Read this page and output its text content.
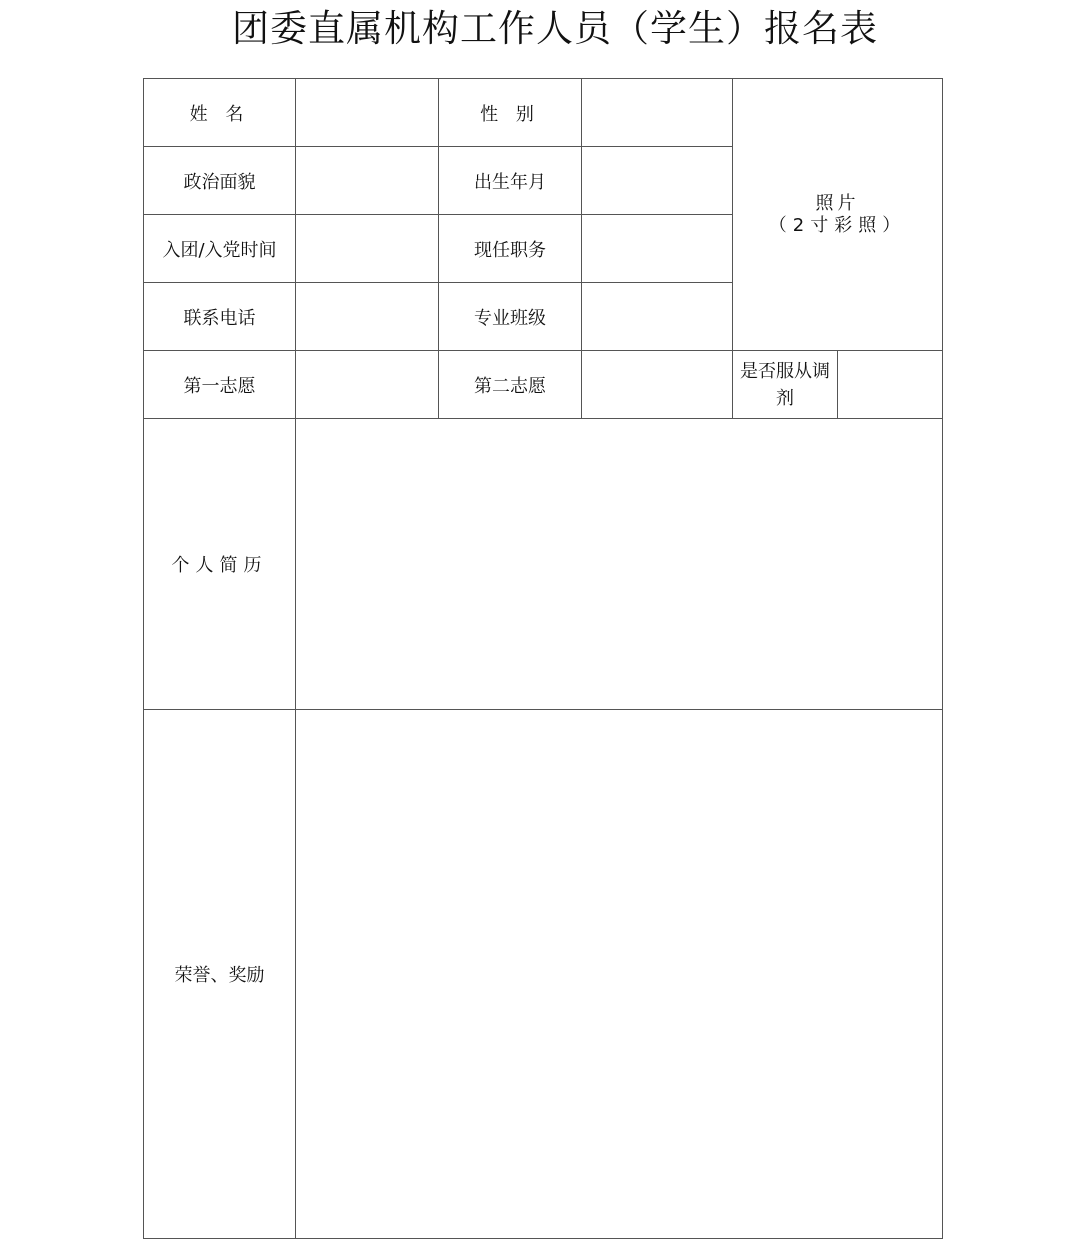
团委直属机构工作人员（学生）报名表
姓 名		性 别		照片
（2寸彩照）	

政治面貌		出生年月			
入团/入党时间		现任职务			
联系电话		专业班级			
第一志愿		第二志愿		是否服从调剂	
个人简历					
荣誉、奖励					
